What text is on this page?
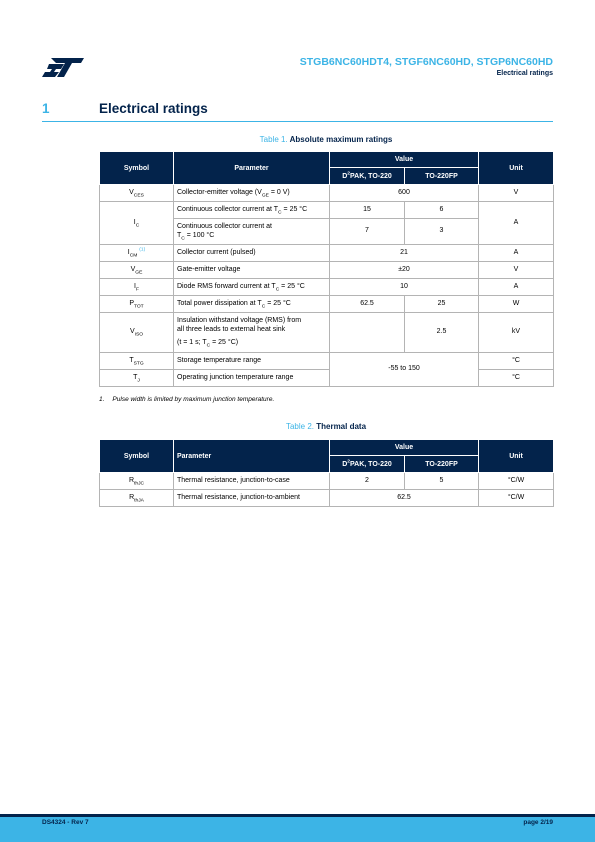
STGB6NC60HDT4, STGF6NC60HD, STGP6NC60HD
Electrical ratings
1	Electrical ratings
Table 1. Absolute maximum ratings
Symbol	Parameter	Value		Unit
		$D^2PAK$, TO-220	TO-220FP	
$V_{CES}$	Collector-emitter voltage ($V_{GE} = 0$ V)	600		V
$I_C$	Continuous collector current at $T_C = 25$ °C	15	6	A
	Continuous collector current at
$T_C = 100$ °C	7	3	
$I_{CM}$ $^{(1)}$	Collector current (pulsed)	21		A
$V_{GE}$	Gate-emitter voltage	±20		V
$I_F$	Diode RMS forward current at $T_C = 25$ °C	10		A
$P_{TOT}$	Total power dissipation at $T_C = 25$ °C	62.5	25	W
$V_{ISO}$	Insulation withstand voltage (RMS) from
all three leads to external heat sink
(t = 1 s; $T_C = 25$ °C)		2.5	kV
$T_{STG}$	Storage temperature range	-55 to 150		°C
$T_J$	Operating junction temperature range			°C
1. Pulse width is limited by maximum junction temperature.
Table 2. Thermal data
Symbol	Parameter	Value		Unit
		$D^2PAK$, TO-220	TO-220FP	
$R_{thJC}$	Thermal resistance, junction-to-case	2	5	°C/W
$R_{thJA}$	Thermal resistance, junction-to-ambient	62.5		°C/W
DS4324 - Rev 7	page 2/19
